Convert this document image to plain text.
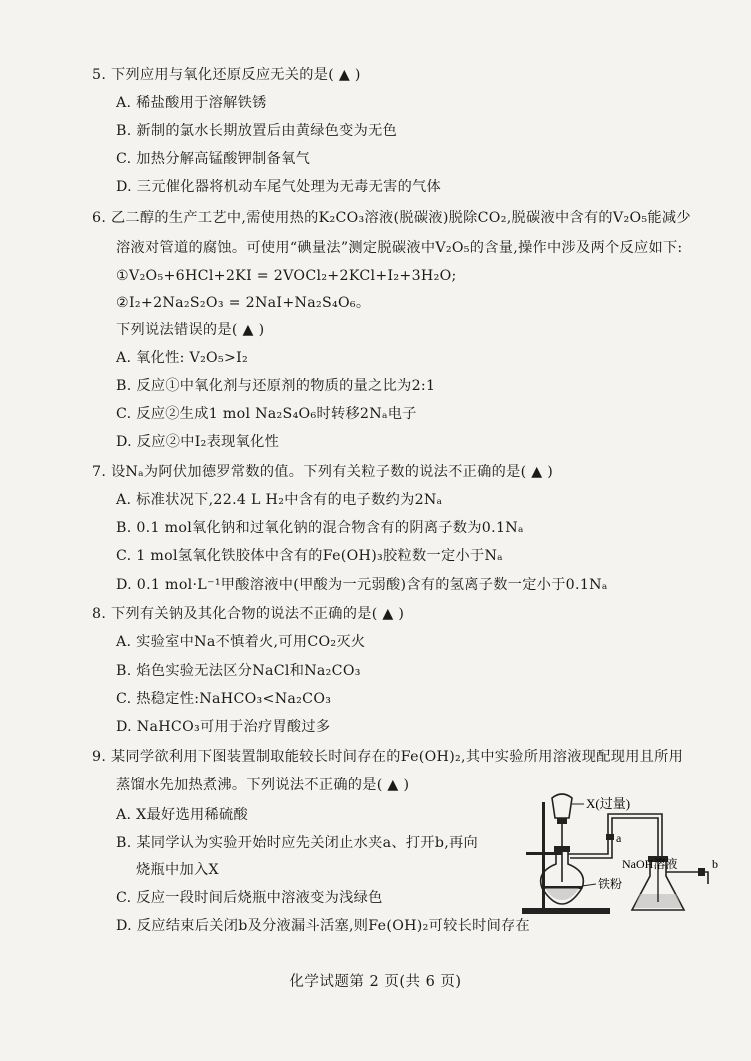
5. 下列应用与氧化还原反应无关的是( ▲ )
A. 稀盐酸用于溶解铁锈
B. 新制的氯水长期放置后由黄绿色变为无色
C. 加热分解高锰酸钾制备氧气
D. 三元催化器将机动车尾气处理为无毒无害的气体
6. 乙二醇的生产工艺中,需使用热的K₂CO₃溶液(脱碳液)脱除CO₂,脱碳液中含有的V₂O₅能减少
溶液对管道的腐蚀。可使用“碘量法”测定脱碳液中V₂O₅的含量,操作中涉及两个反应如下:
①V₂O₅+6HCl+2KI = 2VOCl₂+2KCl+I₂+3H₂O;
②I₂+2Na₂S₂O₃ = 2NaI+Na₂S₄O₆。
下列说法错误的是( ▲ )
A. 氧化性: V₂O₅>I₂
B. 反应①中氧化剂与还原剂的物质的量之比为2:1
C. 反应②生成1 mol Na₂S₄O₆时转移2Nₐ电子
D. 反应②中I₂表现氧化性
7. 设Nₐ为阿伏加德罗常数的值。下列有关粒子数的说法不正确的是( ▲ )
A. 标准状况下,22.4 L H₂中含有的电子数约为2Nₐ
B. 0.1 mol氧化钠和过氧化钠的混合物含有的阴离子数为0.1Nₐ
C. 1 mol氢氧化铁胶体中含有的Fe(OH)₃胶粒数一定小于Nₐ
D. 0.1 mol·L⁻¹甲酸溶液中(甲酸为一元弱酸)含有的氢离子数一定小于0.1Nₐ
8. 下列有关钠及其化合物的说法不正确的是( ▲ )
A. 实验室中Na不慎着火,可用CO₂灭火
B. 焰色实验无法区分NaCl和Na₂CO₃
C. 热稳定性:NaHCO₃<Na₂CO₃
D. NaHCO₃可用于治疗胃酸过多
9. 某同学欲利用下图装置制取能较长时间存在的Fe(OH)₂,其中实验所用溶液现配现用且所用
蒸馏水先加热煮沸。下列说法不正确的是( ▲ )
A. X最好选用稀硫酸
B. 某同学认为实验开始时应先关闭止水夹a、打开b,再向
烧瓶中加入X
C. 反应一段时间后烧瓶中溶液变为浅绿色
D. 反应结束后关闭b及分液漏斗活塞,则Fe(OH)₂可较长时间存在
X(过量)
a
b
NaOH溶液
铁粉
化学试题第 2 页(共 6 页)
